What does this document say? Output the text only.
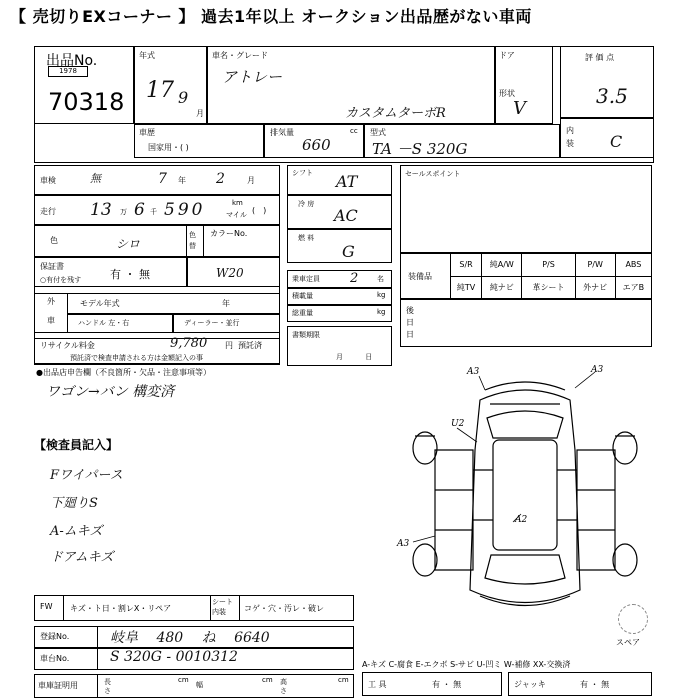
【 売切りEXコーナー 】 過去1年以上 オークション出品歴がない車両
出品No.
1978
70318
年式
17 9
月
車名・グレード
アトレー
カスタムターボR
ドア
形状
V
評 価 点
3.5
内装 C
車歴
国家用・( )
排気量
660
cc 型式
TA －S 320G
車検	無	7 年 2	月
走行 13 万 6 千 590	km
マイル (　)
色	シロ
色替
カラーNo.
保証書
○有付を残す	有 ・ 無	W20
外
車
モデル年式	年
ハンドル 左・右	ディーラー・並行
リサイクル料金	9,780 円 預託済
預託済で検査申請される方は金額記入の事
●出品店申告欄（不良箇所・欠品・注意事項等）
ワゴン→バン 構変済
【検査員記入】
Fワイパース
下廻りS
A-ムキズ
ドアムキズ
シフト AT
冷 房
AC
燃 料
G
乗車定員 2	名
積載量	kg
総重量	kg
書類期限
月 日
セールスポイント
装備品
S/R	純A/W	P/S	P/W	ABS
純TV	純ナビ	革シート	外ナビ	エアB
後日
日
A3	A3
U2
A2
A3
スペア
FW キズ・ト日・割レX・リペア
シート内装	コゲ・穴・汚レ・破レ
登録No.	岐阜 480 ね 6640
車台No.	S 320G - 0010312
車庫証明用	長さ
cm
幅
cm 高さ
cm
A-キズ C-腐食 E-エクボ S-サビ U-凹ミ W-補修 XX-交換済
工 具	有 ・ 無	ジャッキ	有 ・ 無
